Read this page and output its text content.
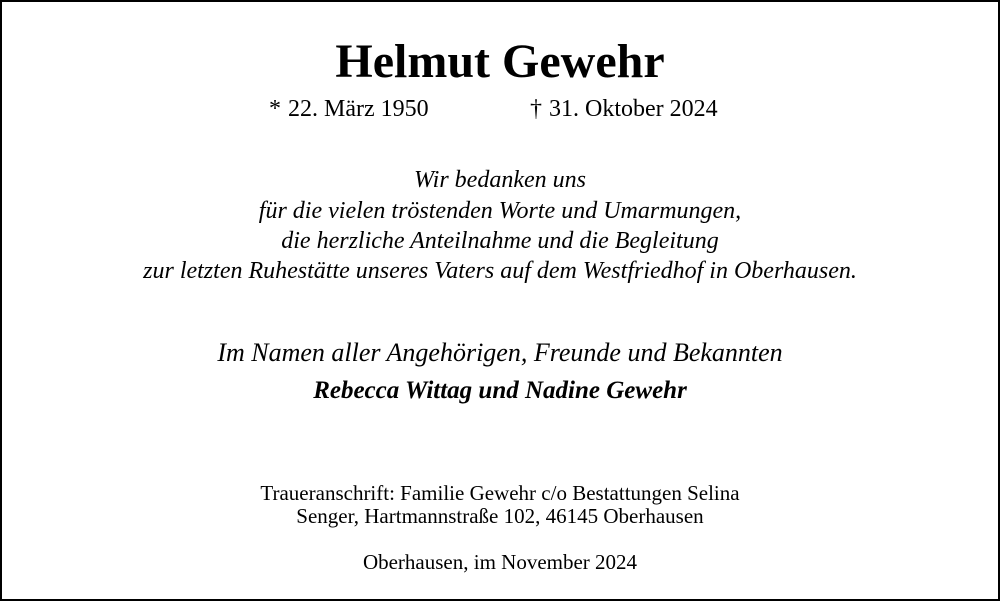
Helmut Gewehr
* 22. März 1950	† 31. Oktober 2024
Wir bedanken uns
für die vielen tröstenden Worte und Umarmungen,
die herzliche Anteilnahme und die Begleitung
zur letzten Ruhestätte unseres Vaters auf dem Westfriedhof in Oberhausen.
Im Namen aller Angehörigen, Freunde und Bekannten
Rebecca Wittag und Nadine Gewehr
Traueranschrift: Familie Gewehr c/o Bestattungen Selina
Senger, Hartmannstraße 102, 46145 Oberhausen
Oberhausen, im November 2024
